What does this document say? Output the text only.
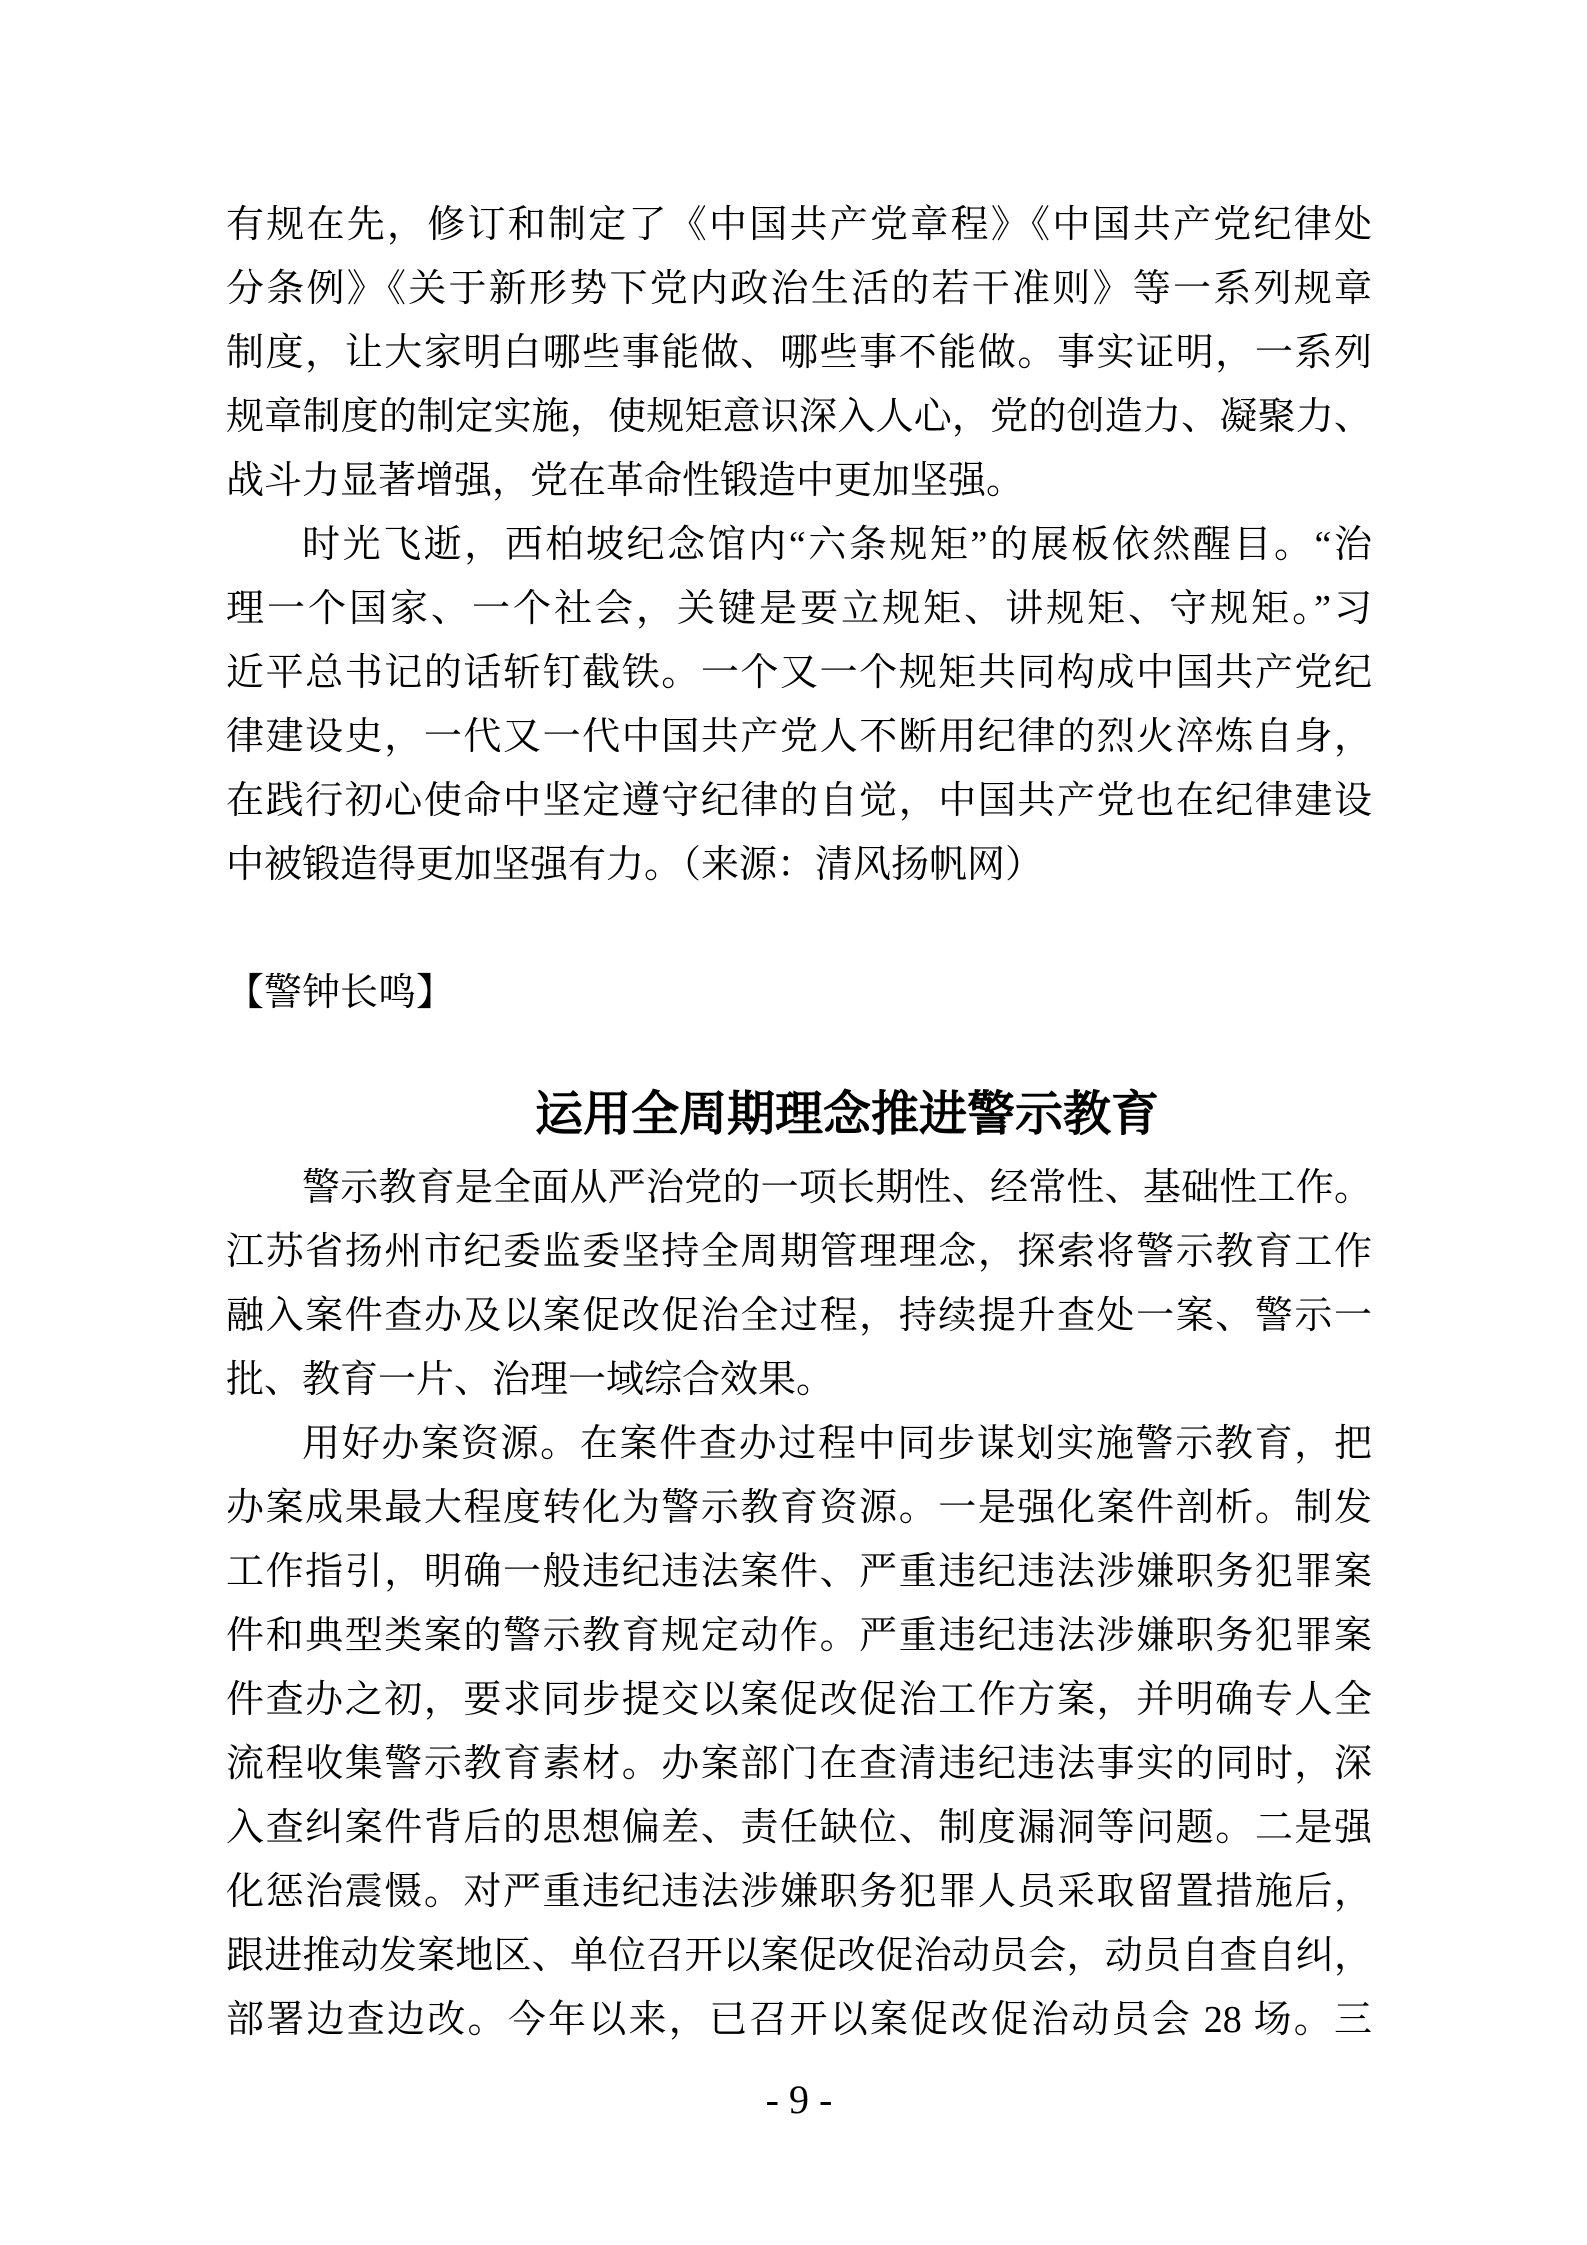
有规在先，修订和制定了《中国共产党章程》《中国共产党纪律处
分条例》《关于新形势下党内政治生活的若干准则》等一系列规章
制度，让大家明白哪些事能做、哪些事不能做。事实证明，一系列
规章制度的制定实施，使规矩意识深入人心，党的创造力、凝聚力、
战斗力显著增强，党在革命性锻造中更加坚强。
时光飞逝，西柏坡纪念馆内“六条规矩”的展板依然醒目。“治
理一个国家、一个社会，关键是要立规矩、讲规矩、守规矩。”习
近平总书记的话斩钉截铁。一个又一个规矩共同构成中国共产党纪
律建设史，一代又一代中国共产党人不断用纪律的烈火淬炼自身，
在践行初心使命中坚定遵守纪律的自觉，中国共产党也在纪律建设
中被锻造得更加坚强有力。（来源：清风扬帆网）
【警钟长鸣】
运用全周期理念推进警示教育
警示教育是全面从严治党的一项长期性、经常性、基础性工作。
江苏省扬州市纪委监委坚持全周期管理理念，探索将警示教育工作
融入案件查办及以案促改促治全过程，持续提升查处一案、警示一
批、教育一片、治理一域综合效果。
用好办案资源。在案件查办过程中同步谋划实施警示教育，把
办案成果最大程度转化为警示教育资源。一是强化案件剖析。制发
工作指引，明确一般违纪违法案件、严重违纪违法涉嫌职务犯罪案
件和典型类案的警示教育规定动作。严重违纪违法涉嫌职务犯罪案
件查办之初，要求同步提交以案促改促治工作方案，并明确专人全
流程收集警示教育素材。办案部门在查清违纪违法事实的同时，深
入查纠案件背后的思想偏差、责任缺位、制度漏洞等问题。二是强
化惩治震慑。对严重违纪违法涉嫌职务犯罪人员采取留置措施后，
跟进推动发案地区、单位召开以案促改促治动员会，动员自查自纠，
部署边查边改。今年以来，已召开以案促改促治动员会 28 场。三
- 9 -
